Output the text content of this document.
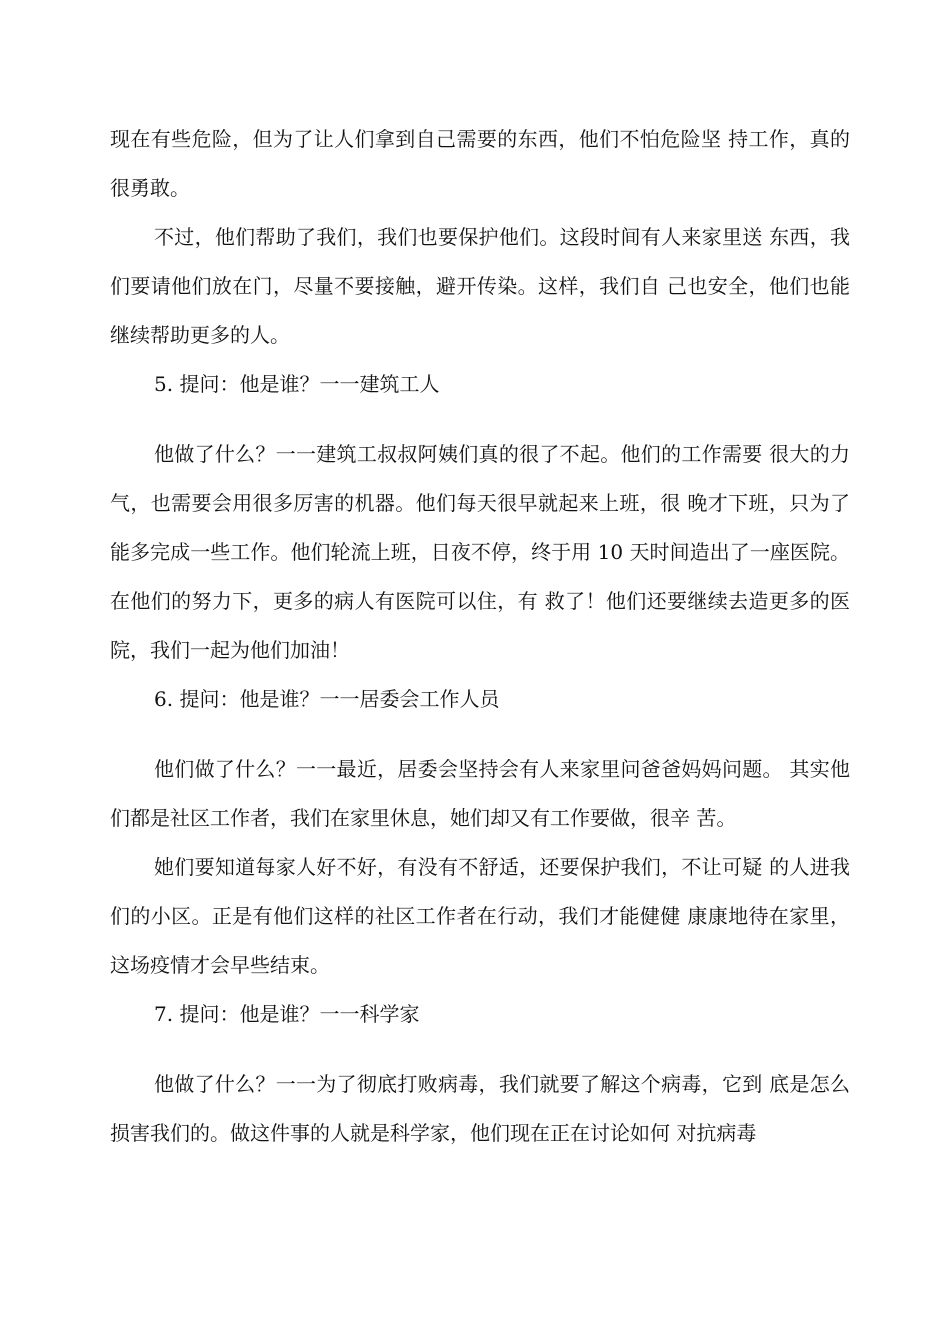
现在有些危险，但为了让人们拿到自己需要的东西，他们不怕危险坚 持工作，真的很勇敢。

不过，他们帮助了我们，我们也要保护他们。这段时间有人来家里送 东西，我们要请他们放在门，尽量不要接触，避开传染。这样，我们自 己也安全，他们也能继续帮助更多的人。

5. 提问：他是谁？一一建筑工人

他做了什么？一一建筑工叔叔阿姨们真的很了不起。他们的工作需要 很大的力气，也需要会用很多厉害的机器。他们每天很早就起来上班，很 晚才下班，只为了能多完成一些工作。他们轮流上班，日夜不停，终于用 10 天时间造出了一座医院。在他们的努力下，更多的病人有医院可以住，有 救了！他们还要继续去造更多的医院，我们一起为他们加油！

6. 提问：他是谁？一一居委会工作人员

他们做了什么？一一最近，居委会坚持会有人来家里问爸爸妈妈问题。 其实他们都是社区工作者，我们在家里休息，她们却又有工作要做，很辛 苦。

她们要知道每家人好不好，有没有不舒适，还要保护我们，不让可疑 的人进我们的小区。正是有他们这样的社区工作者在行动，我们才能健健 康康地待在家里，这场疫情才会早些结束。

7. 提问：他是谁？一一科学家

他做了什么？一一为了彻底打败病毒，我们就要了解这个病毒，它到 底是怎么损害我们的。做这件事的人就是科学家，他们现在正在讨论如何 对抗病毒
